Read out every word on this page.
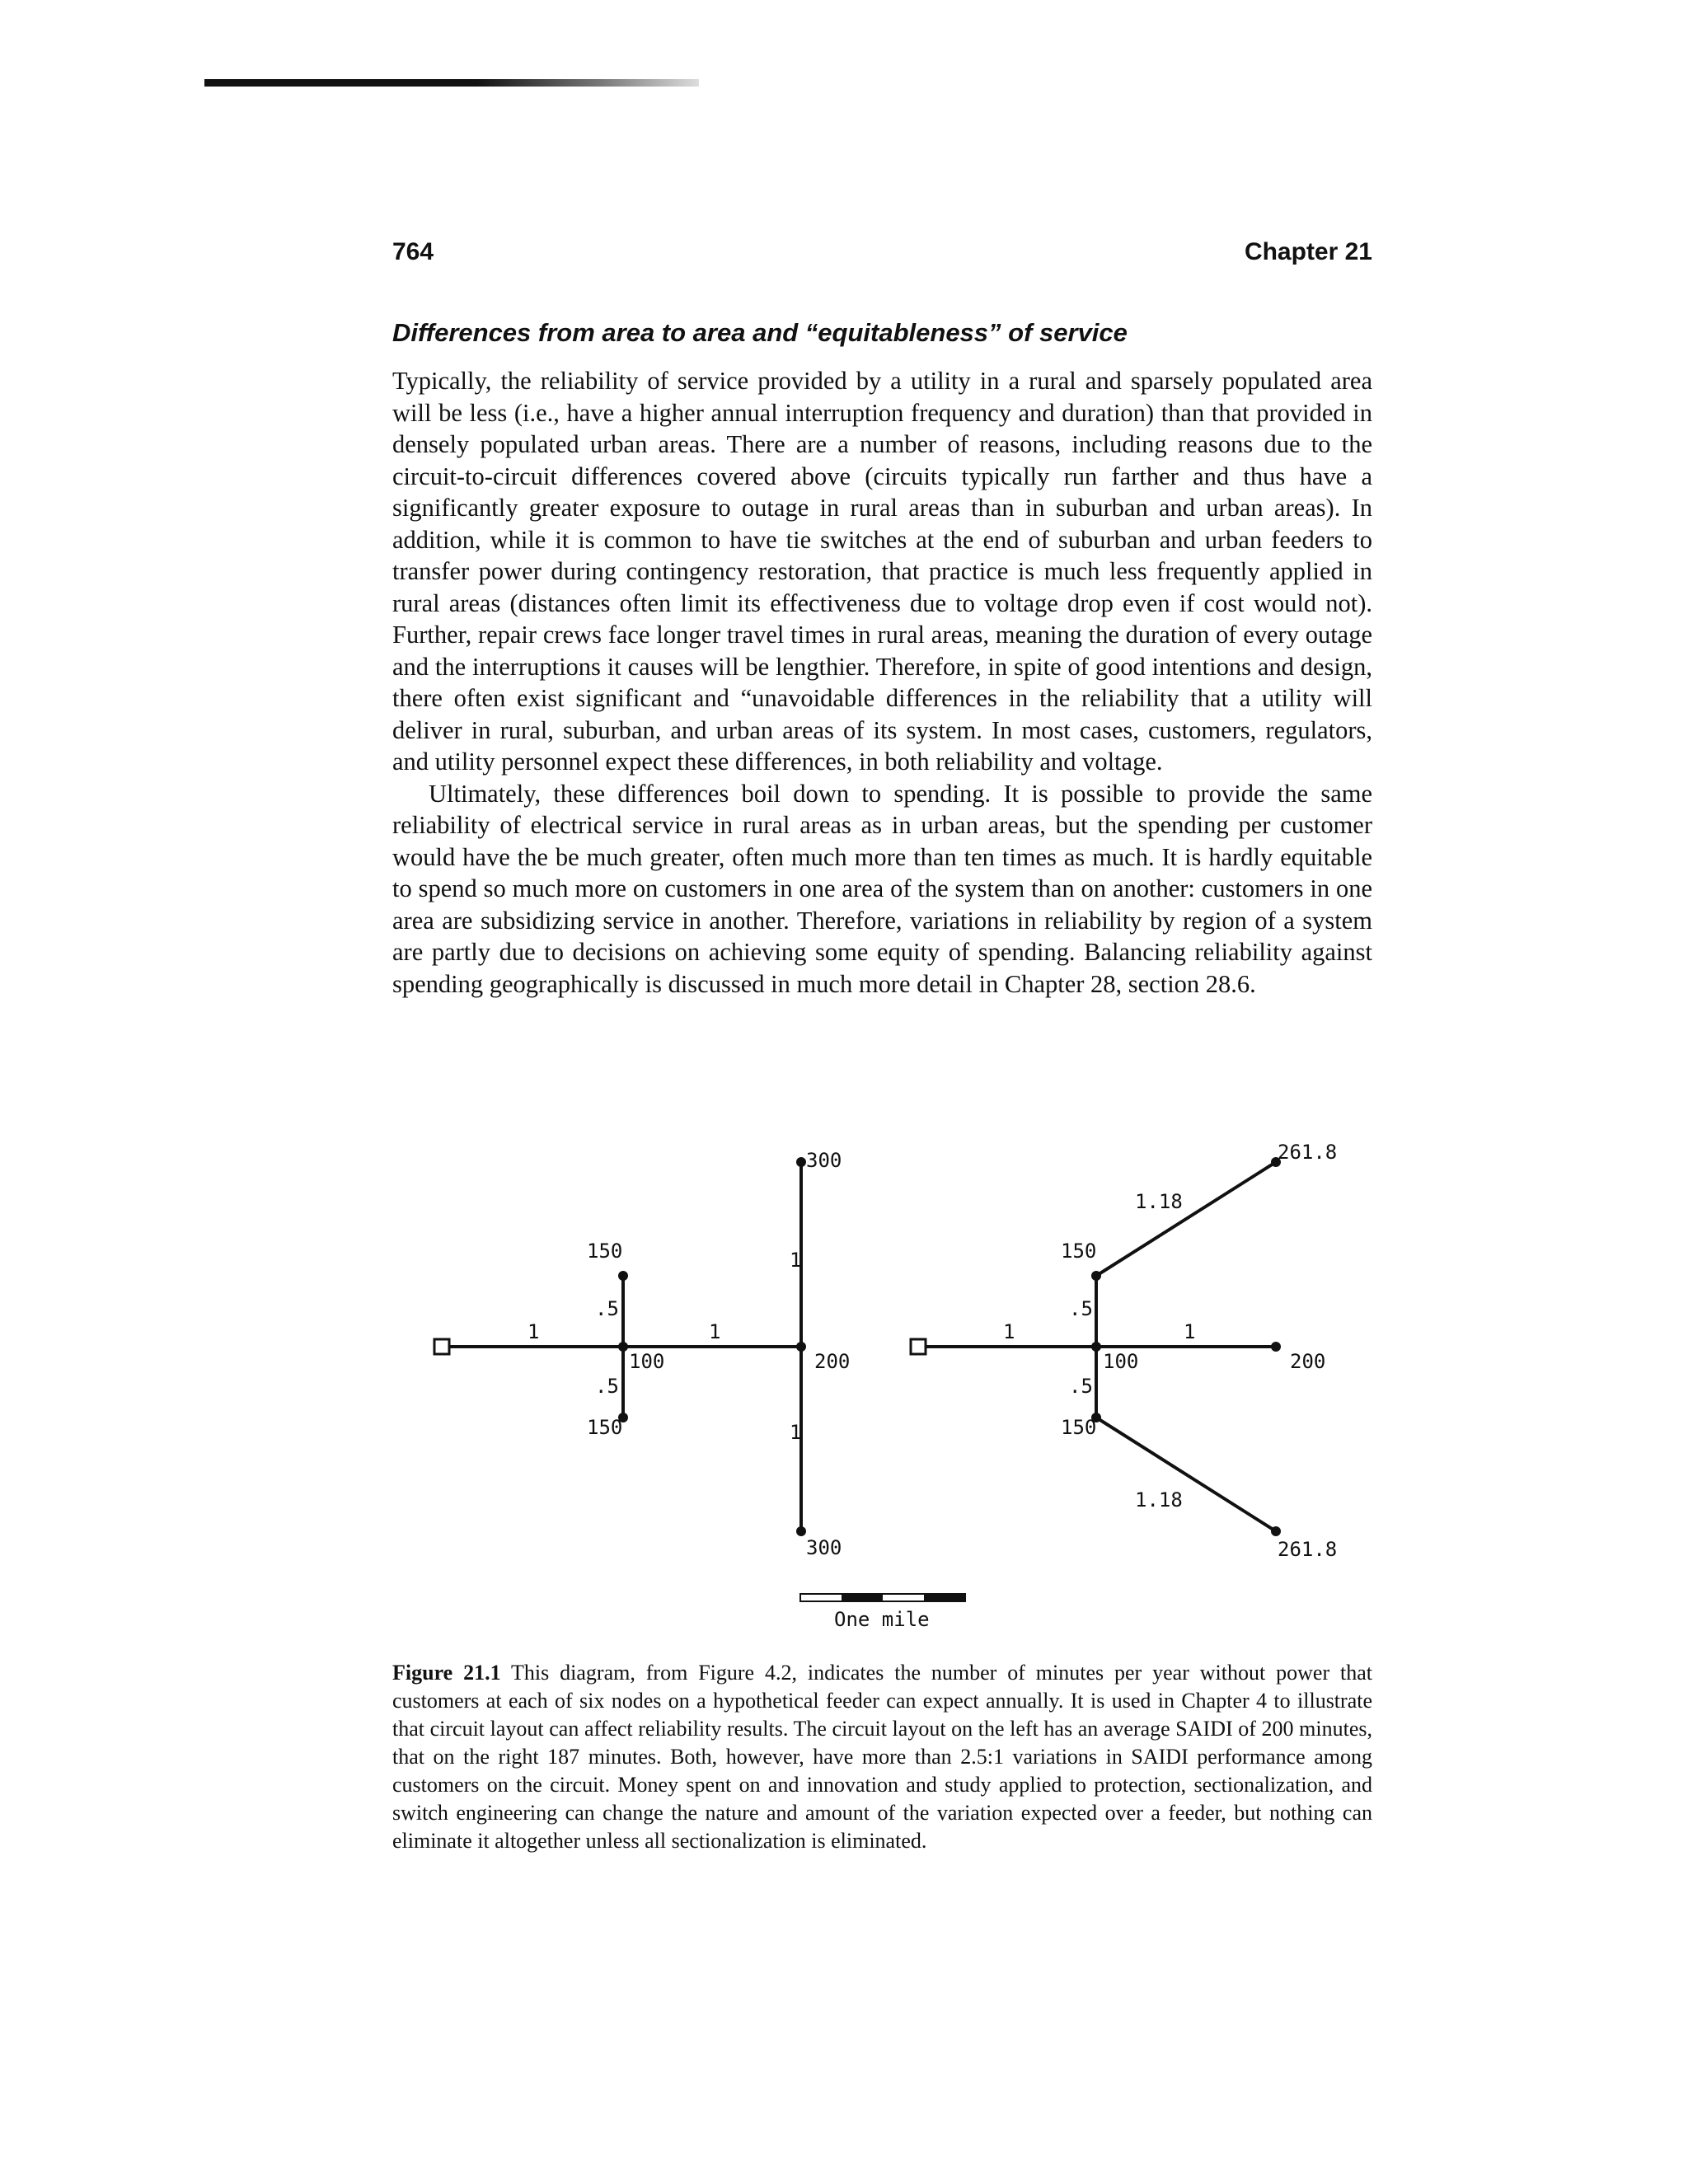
764	Chapter 21
Differences from area to area and “equitableness” of service

Typically, the reliability of service provided by a utility in a rural and sparsely populated area will be less (i.e., have a higher annual interruption frequency and duration) than that provided in densely populated urban areas. There are a number of reasons, including reasons due to the circuit-to-circuit differences covered above (circuits typically run farther and thus have a significantly greater exposure to outage in rural areas than in suburban and urban areas). In addition, while it is common to have tie switches at the end of suburban and urban feeders to transfer power during contingency restoration, that practice is much less frequently applied in rural areas (distances often limit its effectiveness due to voltage drop even if cost would not). Further, repair crews face longer travel times in rural areas, meaning the duration of every outage and the interruptions it causes will be lengthier. Therefore, in spite of good intentions and design, there often exist significant and “unavoidable differences in the reliability that a utility will deliver in rural, suburban, and urban areas of its system. In most cases, customers, regulators, and utility personnel expect these differences, in both reliability and voltage.

Ultimately, these differences boil down to spending. It is possible to provide the same reliability of electrical service in rural areas as in urban areas, but the spending per customer would have the be much greater, often much more than ten times as much. It is hardly equitable to spend so much more on customers in one area of the system than on another: customers in one area are subsidizing service in another. Therefore, variations in reliability by region of a system are partly due to decisions on achieving some equity of spending. Balancing reliability against spending geographically is discussed in much more detail in Chapter 28, section 28.6.

1	1
.5
.5
1
1
100
150
150
200
300
300
1	1
.5
.5
1.18
1.18
100
150
150
200
261.8
261.8
One mile
Figure 21.1 This diagram, from Figure 4.2, indicates the number of minutes per year without power that customers at each of six nodes on a hypothetical feeder can expect annually. It is used in Chapter 4 to illustrate that circuit layout can affect reliability results. The circuit layout on the left has an average SAIDI of 200 minutes, that on the right 187 minutes. Both, however, have more than 2.5:1 variations in SAIDI performance among customers on the circuit. Money spent on and innovation and study applied to protection, sectionalization, and switch engineering can change the nature and amount of the variation expected over a feeder, but nothing can eliminate it altogether unless all sectionalization is eliminated.
